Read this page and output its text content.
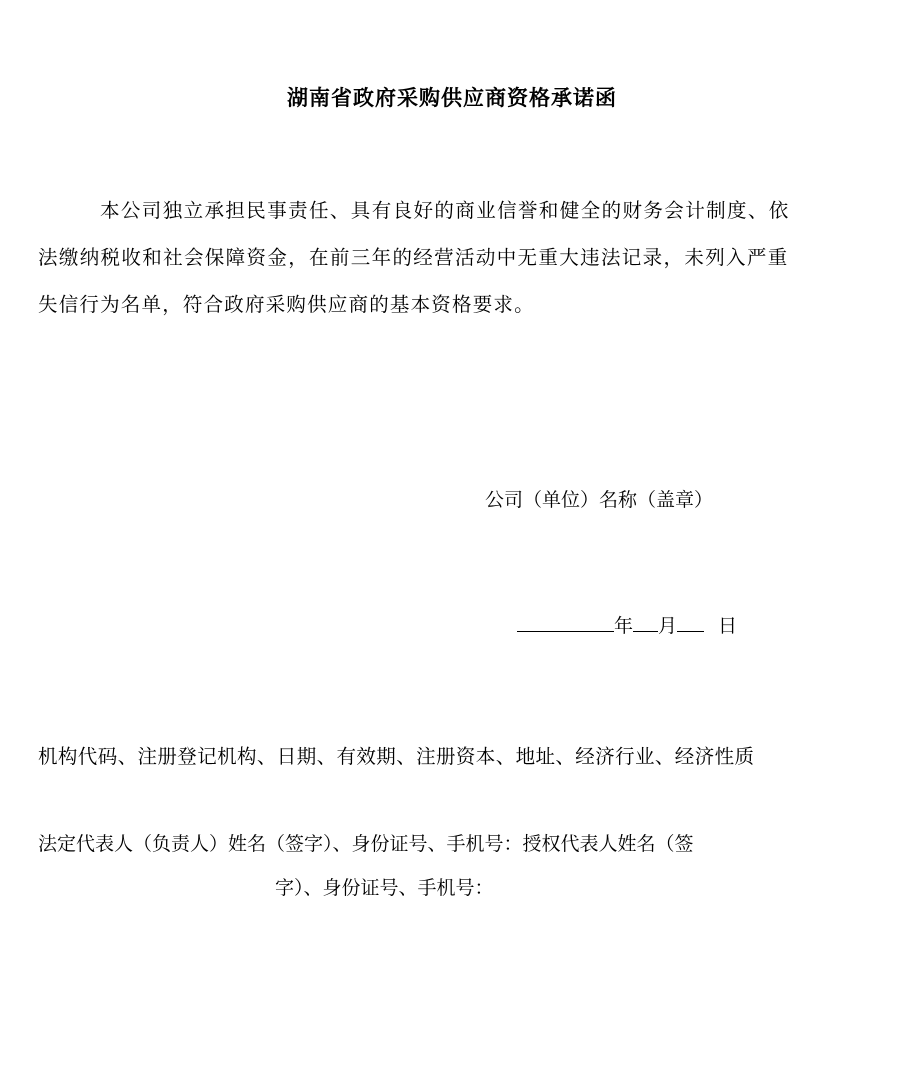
湖南省政府采购供应商资格承诺函
本公司独立承担民事责任、具有良好的商业信誉和健全的财务会计制度、依
法缴纳税收和社会保障资金，在前三年的经营活动中无重大违法记录，未列入严重
失信行为名单，符合政府采购供应商的基本资格要求。
公司（单位）名称（盖章）
年 月 日
机构代码、注册登记机构、日期、有效期、注册资本、地址、经济行业、经济性质
法定代表人（负责人）姓名（签字）、身份证号、手机号：授权代表人姓名（签
字）、身份证号、手机号：
